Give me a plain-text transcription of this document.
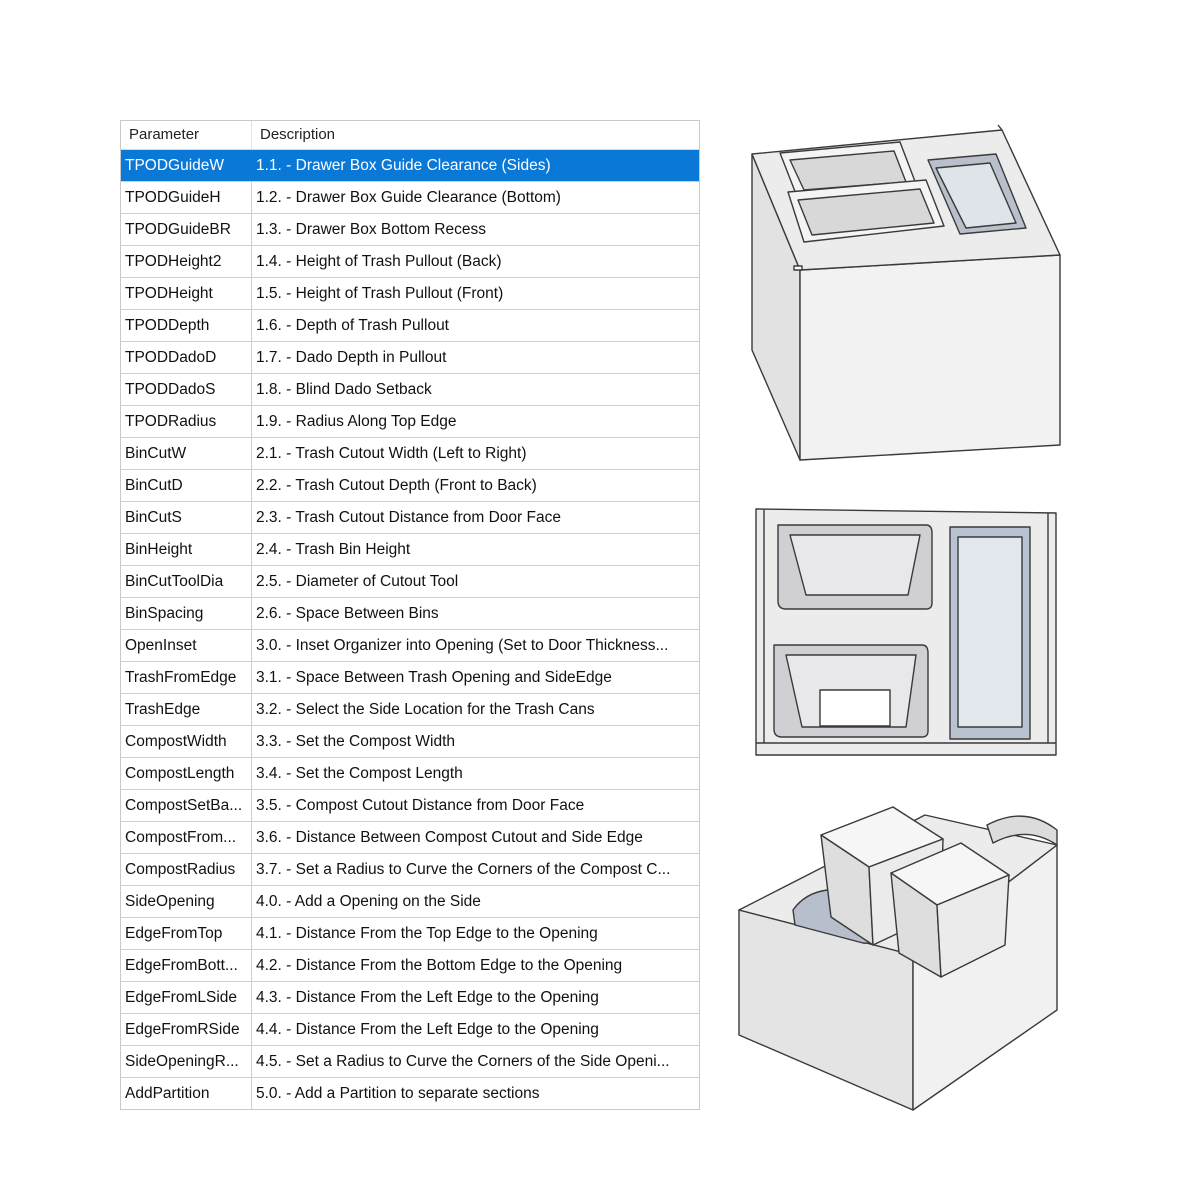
Parameter	Description
TPODGuideW	1.1. - Drawer Box Guide Clearance (Sides)
TPODGuideH	1.2. - Drawer Box Guide Clearance (Bottom)
TPODGuideBR	1.3. - Drawer Box Bottom Recess
TPODHeight2	1.4. - Height of Trash Pullout (Back)
TPODHeight	1.5. - Height of Trash Pullout (Front)
TPODDepth	1.6. - Depth of Trash Pullout
TPODDadoD	1.7. - Dado Depth in Pullout
TPODDadoS	1.8. - Blind Dado Setback
TPODRadius	1.9. - Radius Along Top Edge
BinCutW	2.1. - Trash Cutout Width (Left to Right)
BinCutD	2.2. - Trash Cutout Depth (Front to Back)
BinCutS	2.3. - Trash Cutout Distance from Door Face
BinHeight	2.4. - Trash Bin Height
BinCutToolDia	2.5. - Diameter of Cutout Tool
BinSpacing	2.6. - Space Between Bins
OpenInset	3.0. - Inset Organizer into Opening (Set to Door Thickness...
TrashFromEdge	3.1. - Space Between Trash Opening and SideEdge
TrashEdge	3.2. - Select the Side Location for the Trash Cans
CompostWidth	3.3. - Set the Compost Width
CompostLength	3.4. - Set the Compost Length
CompostSetBa... 3.5. - Compost Cutout Distance from Door Face
CompostFrom...	3.6. - Distance Between Compost Cutout and Side Edge
CompostRadius	3.7. - Set a Radius to Curve the Corners of the Compost C...
SideOpening	4.0. - Add a Opening on the Side
EdgeFromTop	4.1. - Distance From the Top Edge to the Opening
EdgeFromBott...	4.2. - Distance From the Bottom Edge to the Opening
EdgeFromLSide	4.3. - Distance From the Left Edge to the Opening
EdgeFromRSide	4.4. - Distance From the Left Edge to the Opening
SideOpeningR...	4.5. - Set a Radius to Curve the Corners of the Side Openi...
AddPartition	5.0. - Add a Partition to separate sections
